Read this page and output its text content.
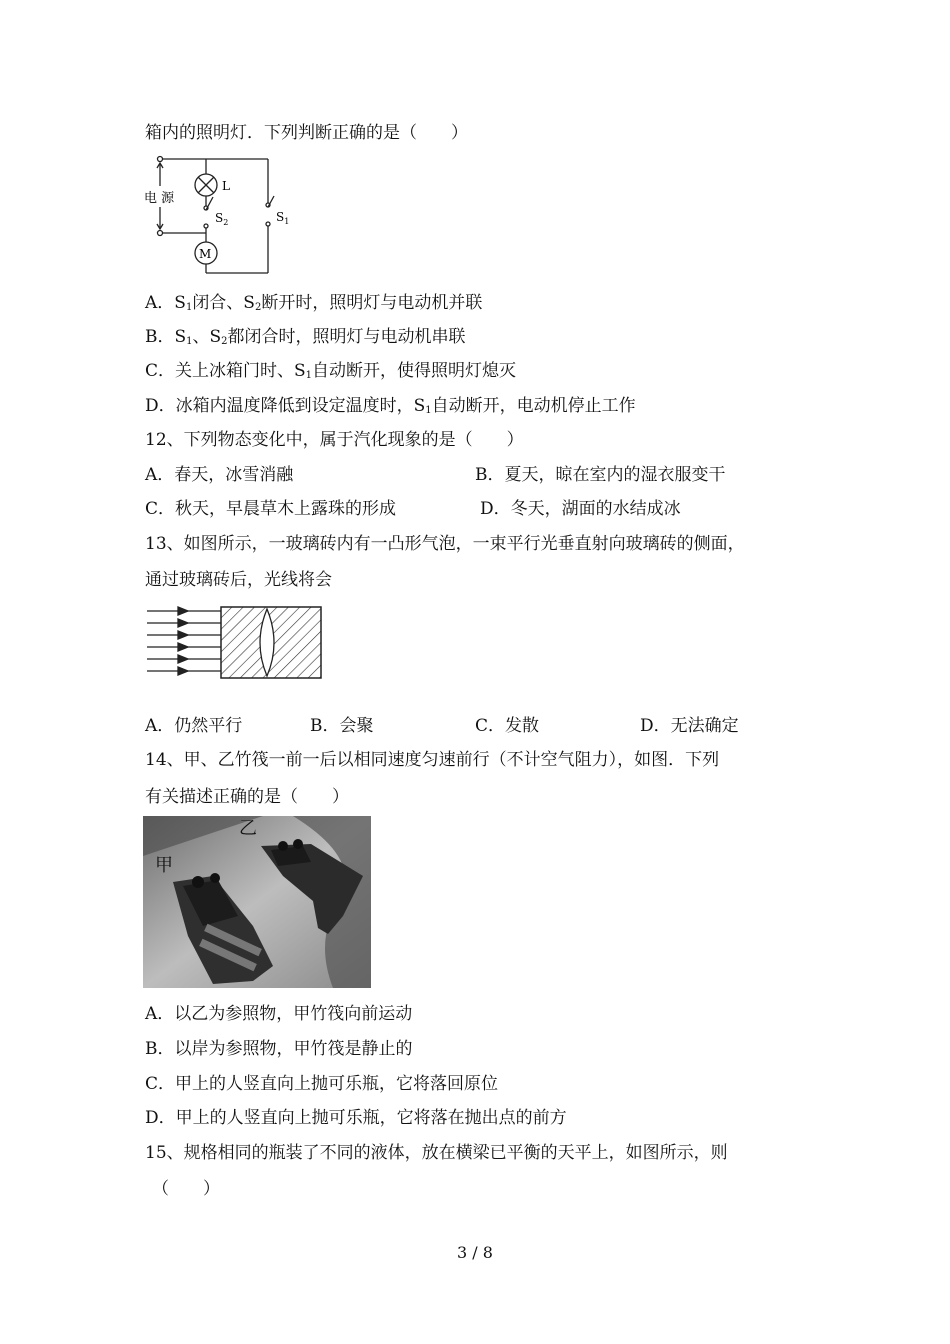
箱内的照明灯．下列判断正确的是（　　）
电 源
L
M
$S_2$	$S_1$
A．$S_1$闭合、$S_2$断开时，照明灯与电动机并联
B．$S_1$、$S_2$都闭合时，照明灯与电动机串联
C．关上冰箱门时、$S_1$自动断开，使得照明灯熄灭
D．冰箱内温度降低到设定温度时，$S_1$自动断开，电动机停止工作
12、下列物态变化中，属于汽化现象的是（　　）
A．春天，冰雪消融	B．夏天，晾在室内的湿衣服变干
C．秋天，早晨草木上露珠的形成	D．冬天，湖面的水结成冰
13、如图所示，一玻璃砖内有一凸形气泡，一束平行光垂直射向玻璃砖的侧面，
通过玻璃砖后，光线将会
A．仍然平行	B．会聚	C．发散	D．无法确定
14、甲、乙竹筏一前一后以相同速度匀速前行（不计空气阻力），如图．下列
有关描述正确的是（　　）
甲
乙
A．以乙为参照物，甲竹筏向前运动
B．以岸为参照物，甲竹筏是静止的
C．甲上的人竖直向上抛可乐瓶，它将落回原位
D．甲上的人竖直向上抛可乐瓶，它将落在抛出点的前方
15、规格相同的瓶装了不同的液体，放在横梁已平衡的天平上，如图所示，则
（　　）
3 / 8
